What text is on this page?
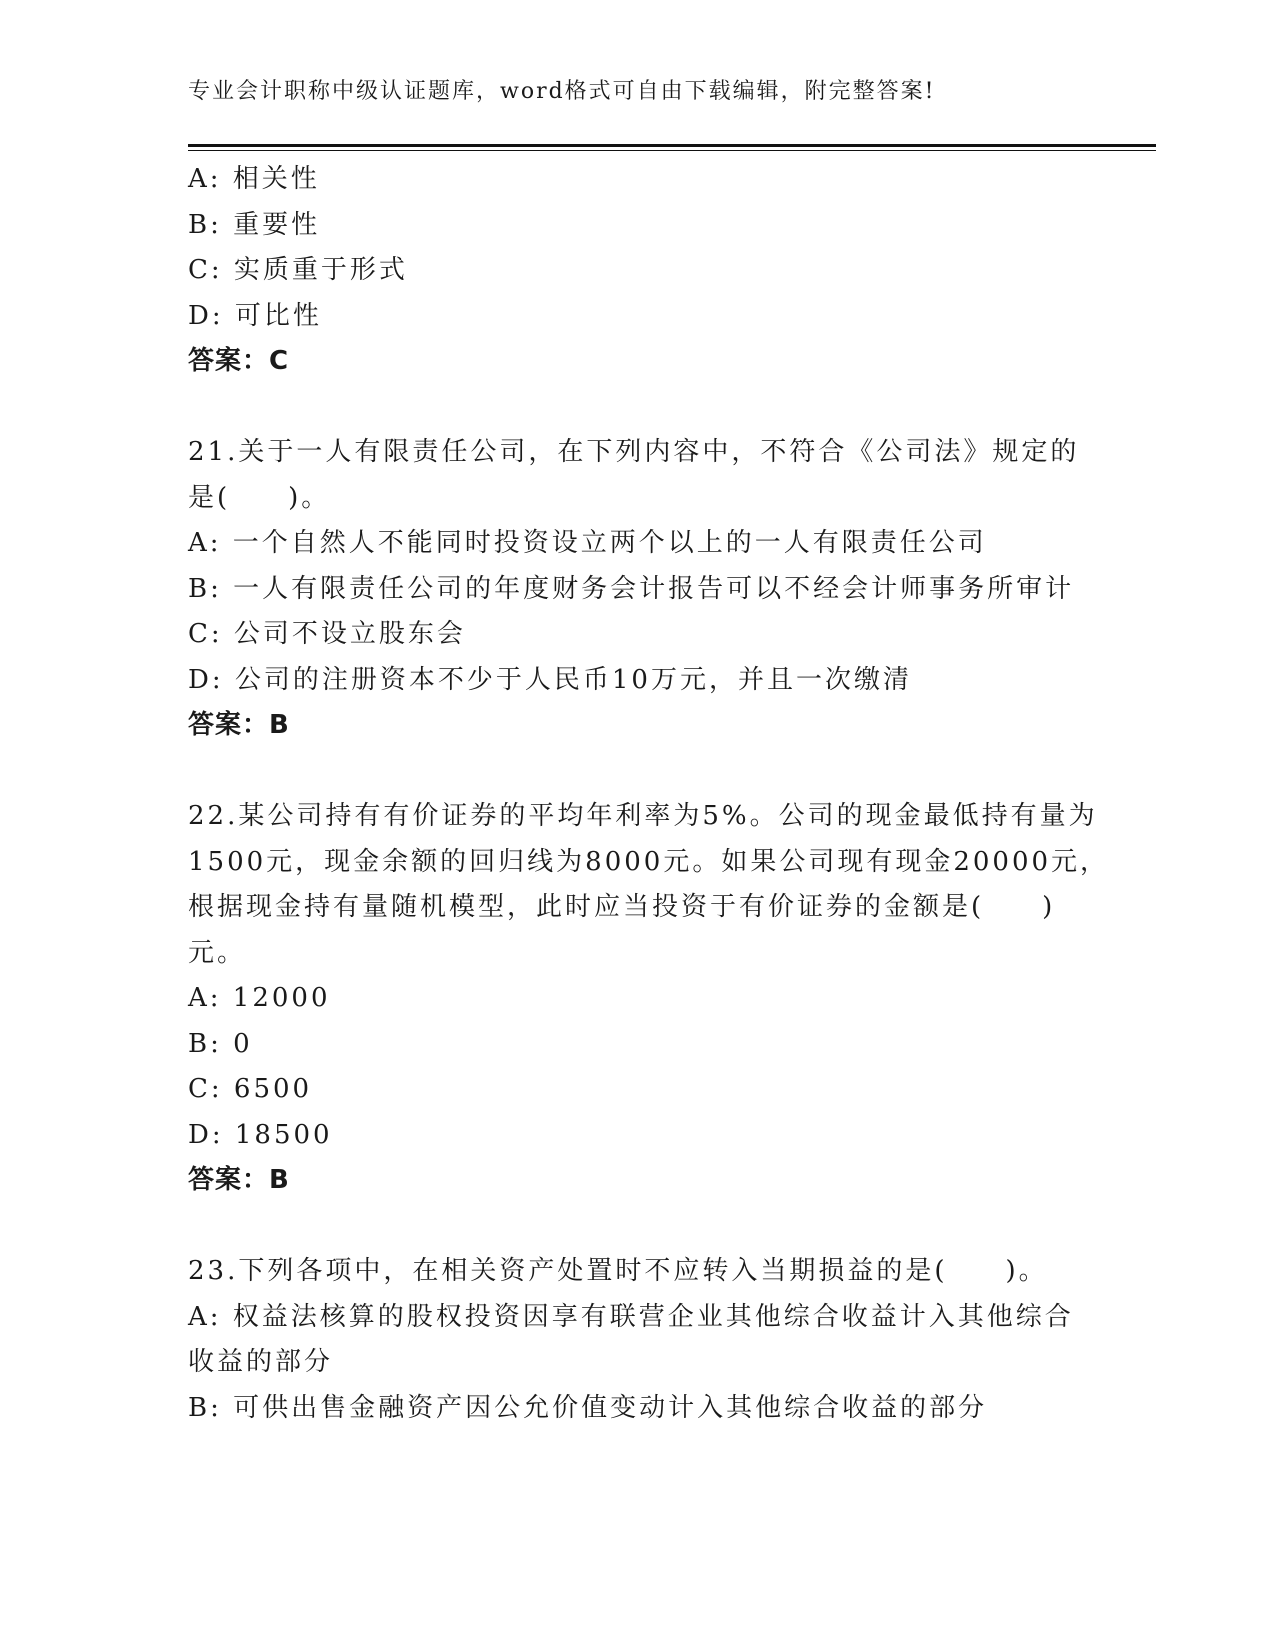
专业会计职称中级认证题库，word格式可自由下载编辑，附完整答案!
A: 相关性
B: 重要性
C: 实质重于形式
D: 可比性
答案：C
21.关于一人有限责任公司，在下列内容中，不符合《公司法》规定的
是(　　)。
A: 一个自然人不能同时投资设立两个以上的一人有限责任公司
B: 一人有限责任公司的年度财务会计报告可以不经会计师事务所审计
C: 公司不设立股东会
D: 公司的注册资本不少于人民币10万元，并且一次缴清
答案：B
22.某公司持有有价证券的平均年利率为5%。公司的现金最低持有量为
1500元，现金余额的回归线为8000元。如果公司现有现金20000元，
根据现金持有量随机模型，此时应当投资于有价证券的金额是(　　)
元。
A: 12000
B: 0
C: 6500
D: 18500
答案：B
23.下列各项中，在相关资产处置时不应转入当期损益的是(　　)。
A: 权益法核算的股权投资因享有联营企业其他综合收益计入其他综合
收益的部分
B: 可供出售金融资产因公允价值变动计入其他综合收益的部分
